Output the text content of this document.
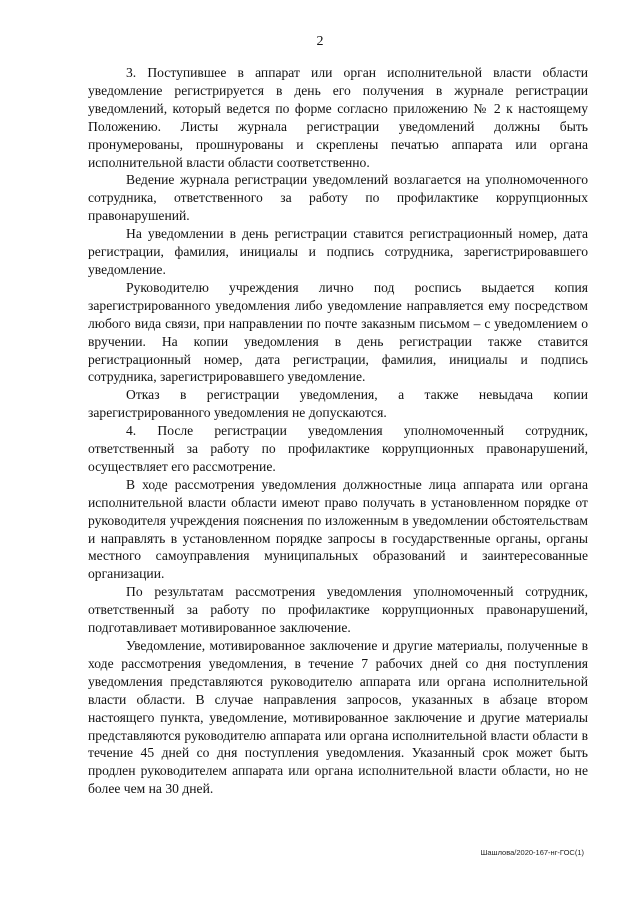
2

3. Поступившее в аппарат или орган исполнительной власти области уведомление регистрируется в день его получения в журнале регистрации уведомлений, который ведется по форме согласно приложению № 2 к настоящему Положению. Листы журнала регистрации уведомлений должны быть пронумерованы, прошнурованы и скреплены печатью аппарата или органа исполнительной власти области соответственно.

Ведение журнала регистрации уведомлений возлагается на уполномоченного сотрудника, ответственного за работу по профилактике коррупционных правонарушений.

На уведомлении в день регистрации ставится регистрационный номер, дата регистрации, фамилия, инициалы и подпись сотрудника, зарегистрировавшего уведомление.

Руководителю учреждения лично под роспись выдается копия зарегистрированного уведомления либо уведомление направляется ему посредством любого вида связи, при направлении по почте заказным письмом – с уведомлением о вручении. На копии уведомления в день регистрации также ставится регистрационный номер, дата регистрации, фамилия, инициалы и подпись сотрудника, зарегистрировавшего уведомление.

Отказ в регистрации уведомления, а также невыдача копии зарегистрированного уведомления не допускаются.

4. После регистрации уведомления уполномоченный сотрудник, ответственный за работу по профилактике коррупционных правонарушений, осуществляет его рассмотрение.

В ходе рассмотрения уведомления должностные лица аппарата или органа исполнительной власти области имеют право получать в установленном порядке от руководителя учреждения пояснения по изложенным в уведомлении обстоятельствам и направлять в установленном порядке запросы в государственные органы, органы местного самоуправления муниципальных образований и заинтересованные организации.

По результатам рассмотрения уведомления уполномоченный сотрудник, ответственный за работу по профилактике коррупционных правонарушений, подготавливает мотивированное заключение.

Уведомление, мотивированное заключение и другие материалы, полученные в ходе рассмотрения уведомления, в течение 7 рабочих дней со дня поступления уведомления представляются руководителю аппарата или органа исполнительной власти области. В случае направления запросов, указанных в абзаце втором настоящего пункта, уведомление, мотивированное заключение и другие материалы представляются руководителю аппарата или органа исполнительной власти области в течение 45 дней со дня поступления уведомления. Указанный срок может быть продлен руководителем аппарата или органа исполнительной власти области, но не более чем на 30 дней.

Шашлова/2020-167-нг-ГОС(1)
